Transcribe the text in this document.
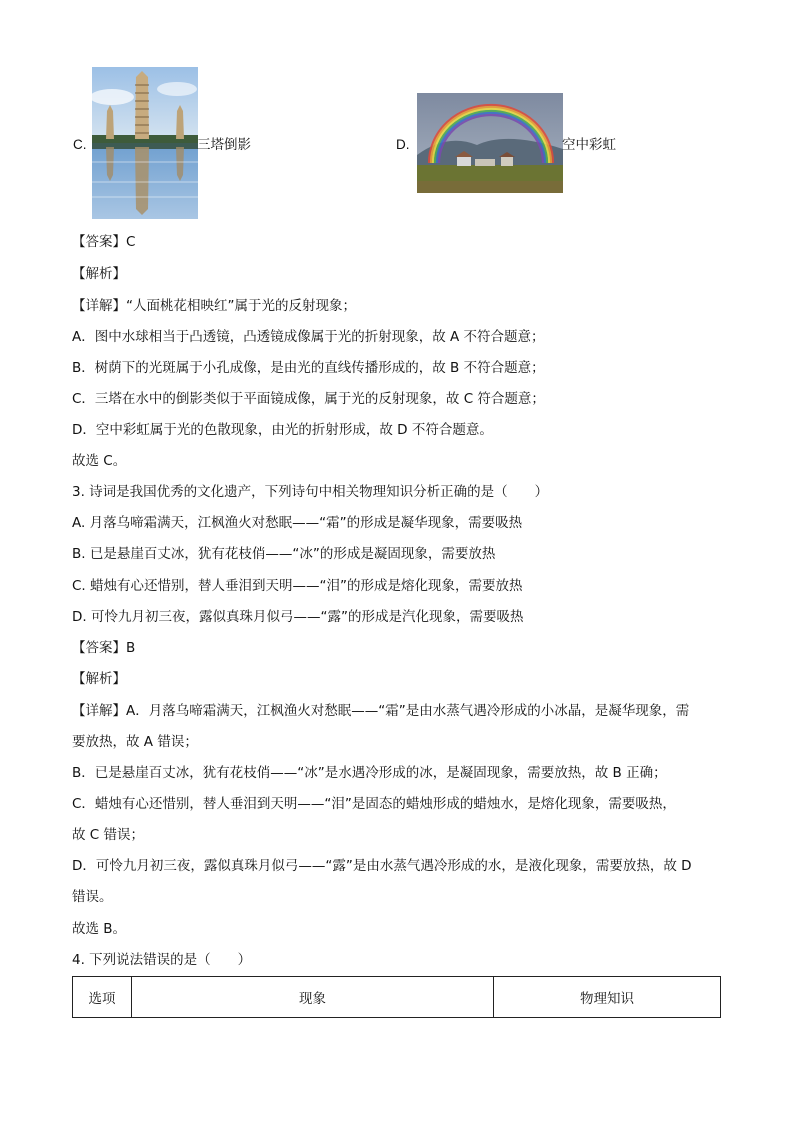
C.	三塔倒影	D.	空中彩虹
【答案】C
【解析】
【详解】“人面桃花相映红”属于光的反射现象；
A．图中水球相当于凸透镜，凸透镜成像属于光的折射现象，故 A 不符合题意；
B．树荫下的光斑属于小孔成像，是由光的直线传播形成的，故 B 不符合题意；
C．三塔在水中的倒影类似于平面镜成像，属于光的反射现象，故 C 符合题意；
D．空中彩虹属于光的色散现象，由光的折射形成，故 D 不符合题意。
故选 C。
3. 诗词是我国优秀的文化遗产，下列诗句中相关物理知识分析正确的是（　　）
A. 月落乌啼霜满天，江枫渔火对愁眠——“霜”的形成是凝华现象，需要吸热
B. 已是悬崖百丈冰，犹有花枝俏——“冰”的形成是凝固现象，需要放热
C. 蜡烛有心还惜别，替人垂泪到天明——“泪”的形成是熔化现象，需要放热
D. 可怜九月初三夜，露似真珠月似弓——“露”的形成是汽化现象，需要吸热
【答案】B
【解析】
【详解】A．月落乌啼霜满天，江枫渔火对愁眠——“霜”是由水蒸气遇冷形成的小冰晶，是凝华现象，需
要放热，故 A 错误；
B．已是悬崖百丈冰，犹有花枝俏——“冰”是水遇冷形成的冰，是凝固现象，需要放热，故 B 正确；
C．蜡烛有心还惜别，替人垂泪到天明——“泪”是固态的蜡烛形成的蜡烛水，是熔化现象，需要吸热，
故 C 错误；
D．可怜九月初三夜，露似真珠月似弓——“露”是由水蒸气遇冷形成的水，是液化现象，需要放热，故 D
错误。
故选 B。
4. 下列说法错误的是（　　）
选项	现象	物理知识
